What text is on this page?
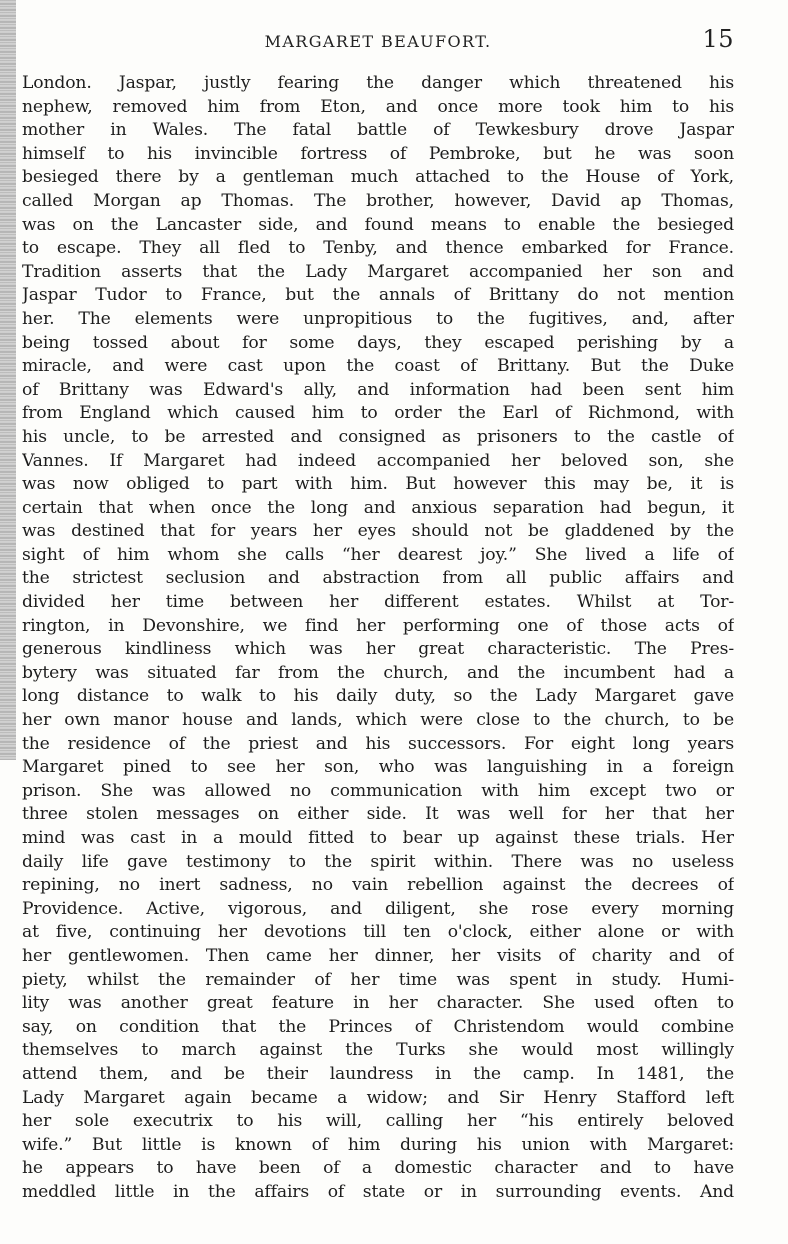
MARGARET BEAUFORT.	15
London. Jaspar, justly fearing the danger which threatened his
nephew, removed him from Eton, and once more took him to his
mother in Wales. The fatal battle of Tewkesbury drove Jaspar
himself to his invincible fortress of Pembroke, but he was soon
besieged there by a gentleman much attached to the House of York,
called Morgan ap Thomas. The brother, however, David ap Thomas,
was on the Lancaster side, and found means to enable the besieged
to escape. They all fled to Tenby, and thence embarked for France.
Tradition asserts that the Lady Margaret accompanied her son and
Jaspar Tudor to France, but the annals of Brittany do not mention
her. The elements were unpropitious to the fugitives, and, after
being tossed about for some days, they escaped perishing by a
miracle, and were cast upon the coast of Brittany. But the Duke
of Brittany was Edward's ally, and information had been sent him
from England which caused him to order the Earl of Richmond, with
his uncle, to be arrested and consigned as prisoners to the castle of
Vannes. If Margaret had indeed accompanied her beloved son, she
was now obliged to part with him. But however this may be, it is
certain that when once the long and anxious separation had begun, it
was destined that for years her eyes should not be gladdened by the
sight of him whom she calls “her dearest joy.” She lived a life of
the strictest seclusion and abstraction from all public affairs and
divided her time between her different estates. Whilst at Tor-
rington, in Devonshire, we find her performing one of those acts of
generous kindliness which was her great characteristic. The Pres-
bytery was situated far from the church, and the incumbent had a
long distance to walk to his daily duty, so the Lady Margaret gave
her own manor house and lands, which were close to the church, to be
the residence of the priest and his successors. For eight long years
Margaret pined to see her son, who was languishing in a foreign
prison. She was allowed no communication with him except two or
three stolen messages on either side. It was well for her that her
mind was cast in a mould fitted to bear up against these trials. Her
daily life gave testimony to the spirit within. There was no useless
repining, no inert sadness, no vain rebellion against the decrees of
Providence. Active, vigorous, and diligent, she rose every morning
at five, continuing her devotions till ten o'clock, either alone or with
her gentlewomen. Then came her dinner, her visits of charity and of
piety, whilst the remainder of her time was spent in study. Humi-
lity was another great feature in her character. She used often to
say, on condition that the Princes of Christendom would combine
themselves to march against the Turks she would most willingly
attend them, and be their laundress in the camp. In 1481, the
Lady Margaret again became a widow; and Sir Henry Stafford left
her sole executrix to his will, calling her “his entirely beloved
wife.” But little is known of him during his union with Margaret:
he appears to have been of a domestic character and to have
meddled little in the affairs of state or in surrounding events. And
